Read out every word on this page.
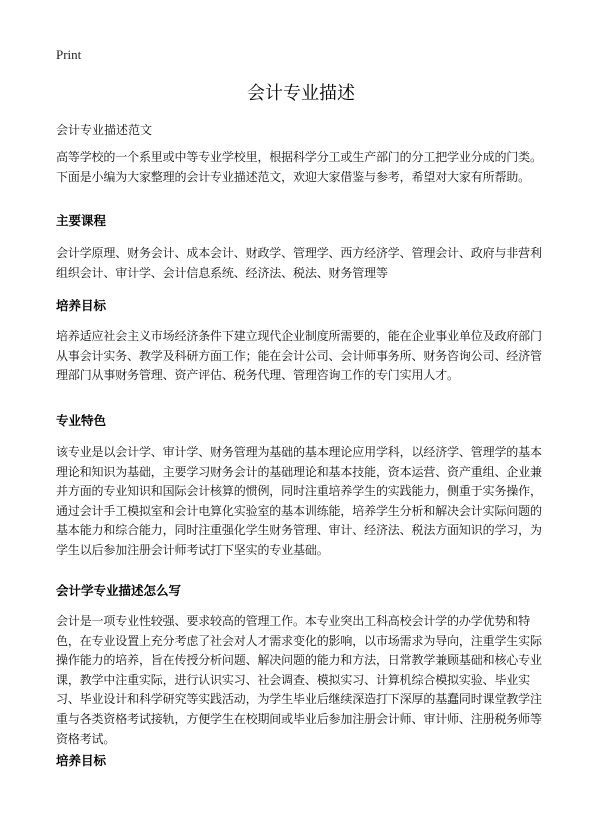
Print
会计专业描述

会计专业描述范文

高等学校的一个系里或中等专业学校里，根据科学分工或生产部门的分工把学业分成的门类。下面是小编为大家整理的会计专业描述范文，欢迎大家借鉴与参考，希望对大家有所帮助。

主要课程

会计学原理、财务会计、成本会计、财政学、管理学、西方经济学、管理会计、政府与非营利组织会计、审计学、会计信息系统、经济法、税法、财务管理等

培养目标

培养适应社会主义市场经济条件下建立现代企业制度所需要的，能在企业事业单位及政府部门从事会计实务、教学及科研方面工作；能在会计公司、会计师事务所、财务咨询公司、经济管理部门从事财务管理、资产评估、税务代理、管理咨询工作的专门实用人才。

专业特色

该专业是以会计学、审计学、财务管理为基础的基本理论应用学科，以经济学、管理学的基本理论和知识为基础，主要学习财务会计的基础理论和基本技能，资本运营、资产重组、企业兼并方面的专业知识和国际会计核算的惯例，同时注重培养学生的实践能力，侧重于实务操作，通过会计手工模拟室和会计电算化实验室的基本训练能，培养学生分析和解决会计实际问题的基本能力和综合能力，同时注重强化学生财务管理、审计、经济法、税法方面知识的学习，为学生以后参加注册会计师考试打下坚实的专业基础。

会计学专业描述怎么写

会计是一项专业性较强、要求较高的管理工作。本专业突出工科高校会计学的办学优势和特色，在专业设置上充分考虑了社会对人才需求变化的影响，以市场需求为导向，注重学生实际操作能力的培养，旨在传授分析问题、解决问题的能力和方法，日常教学兼顾基础和核心专业课，教学中注重实际，进行认识实习、社会调查、模拟实习、计算机综合模拟实验、毕业实习、毕业设计和科学研究等实践活动，为学生毕业后继续深造打下深厚的基蠢同时课堂教学注重与各类资格考试接轨，方便学生在校期间或毕业后参加注册会计师、审计师、注册税务师等资格考试。

培养目标
